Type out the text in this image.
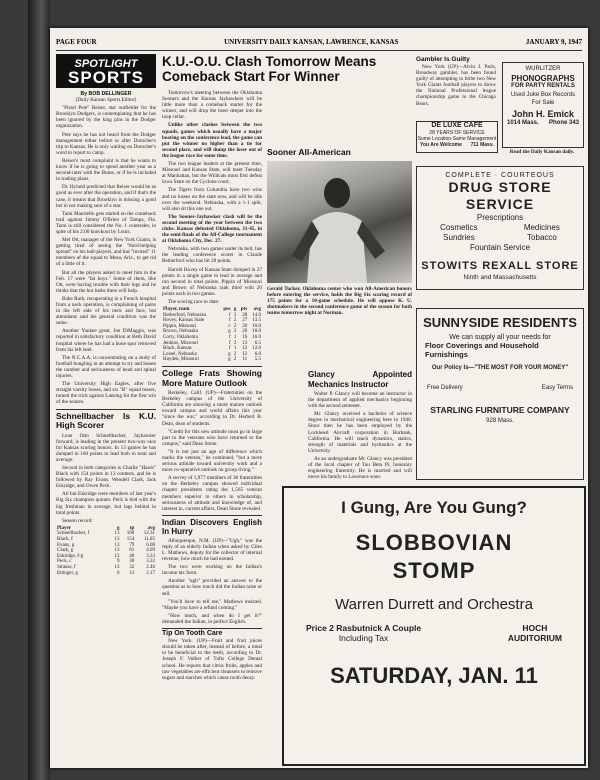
PAGE FOUR	UNIVERSITY DAILY KANSAN, LAWRENCE, KANSAS	JANUARY 9, 1947
SPOTLIGHT
SPORTS
By BOB DELLINGER
(Daily Kansan Sports Editor)

"Pistol Pete" Reiser, star outfielder for the Brooklyn Dodgers, is contemplating that he has been ignored by the king pins in the Dodger organization.

Pete says he has not heard from the Dodger management either before or after Durocher's trip to Kansas. He is only waiting on Durocher's word to report to camp.

Reiser's most complaint is that he wants to know if he is going to spend another year as a second-rater with the Bums, or if he is included in trading plans.

Dr. Hyland predicted that Reiser would be as good as ever after the operation, and if that's the case, it means that Brooklyn is missing a good bet in not making sure of a star.

Tami Mauriello gets started on the comeback trail against Jimmy O'Brien of Tampa, Fla. Tami is still considered the No. 1 contender, in spite of his 2:00 knockout by Louis.

Mel Ott, manager of the New York Giants, is getting tired of seeing the "third-helping spread" on his ball-players, and has "invited" 11 members of the squad to Mesa, Ariz., to get rid of a little of it.

But all the players asked to meet him in the Feb. 17 were "fat boys." Some of them, like Ott, were having trouble with their legs and he thinks that the hot baths there will help.

Babe Ruth, recuperating in a French hospital from a neck operation, is complaining of pains in the left side of his neck and face, but attendants said his general condition was the same.

Another Yankee great, Joe DiMaggio, was reported in satisfactory condition at Beth David hospital where he has had a bone spur removed from his left heel.

The N.C.A.A. is concentrating on a study of football bungling in an attempt to try and lessen the number and seriousness of head and spinal injuries.

The University High Eagles, after five straight varsity losses, and six "B" squad losses, turned the trick against Lansing for the first win of the season.

Schnellbacher Is K.U. High Scorer

Lean Otto Schnellbacher, Jayhawker forward, is leading in the present two-way race for Kansas scoring honors. In 13 games he has dumped in 160 points to lead both in total and average.

Second in both categories is Charlie "Hawk" Black with 154 points in 13 contests, and he is followed by Ray Evans, Wendell Clark, Jack Eskridge, and Owen Peck.

All but Eskridge were members of last year's Big Six champion quintet. Peck is tied with the big freshman in average, but lags behind in total points.

Season record:

Player	g	tp	avg
Schnellbacher, f	13	160	12.31
Black, f	13	154	11.85
Evans, g	13	79	6.08
Clark, g	13	61	4.69
Eskridge, f-g	12	40	3.33
Peck, c	9	30	3.33
Strauss, f	13	32	2.46
Ettinger, g	6	13	2.17
K.U.-O.U. Clash Tomorrow Means Comeback Start For Winner

Tomorrow's meeting between the Oklahoma Sooners and the Kansas Jayhawkers will be little more than a comeback starter for the winner, and will drop the loser deeper into the loop cellar.

Unlike other clashes between the two squads, games which usually have a major bearing on the conference lead, the game can put the winner no higher than a tie for second place, and will dump the loser out of the league race for some time.

The two league leaders at the present time, Missouri and Kansas State, will meet Tuesday at Manhattan, but the Wildcats must first defeat Iowa State on the Cyclone court.

The Tigers from Columbia have two wins and no losses on the slate now, and will be idle over the weekend. Nebraska, with a 1-1 split, will also sit this one out.

The Sooner-Jayhawker clash will be the second meeting of the year between the two clubs. Kansas defeated Oklahoma, 31-45, in the semi-finals of the All-College tournament at Oklahoma City, Dec. 27.

Nebraska, with two games under its belt, has the leading conference scorer in Claude Retherford who has hit 28 points.

Harold Hovey of Kansas State dumped in 27 points in a single game to lead in average and run second in total points. Pippin of Missouri and Brown of Nebraska rank third with 20 points each in two games.

The scoring race to date:

Player, team	pos	g	pts	avg
Retherford, Nebraska	f	2	28	14.0
Hovey, Kansas State	f	2	27	13.5
Pippin, Missouri	c	2	20	10.0
Brown, Nebraska	g	2	20	10.0
Corry, Oklahoma	f	1	16	16.0
Jenkins, Missouri	f	2	13	6.5
Black, Kansas	f	1	12	12.0
Loisel, Nebraska	g	2	12	6.0
Hayden, Missouri	g	2	11	5.5
College Frats Showing More Mature Outlook

Berkeley, Calif. (UP)—Fraternities on the Berkeley campus of the University of California are showing a more mature outlook toward campus and world affairs this year "since the war," according to Dr. Herbert B. Dean, dean of students.

"Credit for this new attitude must go in large part to the veterans who have returned to the campus," said Dean Stone.

"It is not just an age of difference which marks the veteran," he continued, "but a more serious attitude toward university work and a more co-operative outlook on group living."

A survey of 1,977 members of 38 fraternities on the Berkeley campus showed individual chapter presidents rating the 1,565 veteran members superior to others in scholarship, seriousness of attitude and knowledge of, and interest in, current affairs, Dean Stone revealed.

Indian Discovers English In Hurry

Albuquerque, N.M. (UP)—"Ugh," was the reply of an elderly Indian when asked by Giles L. Mathews, deputy for the collector of internal revenue, how much he had earned.

The two were working on the Indian's income tax form.

Another "ugh" provided an answer to the question as to how much did the Indian raise or sell.

"You'll have to tell me," Mathews insisted. "Maybe you have a refund coming."

"How much, and when do I get it?" demanded the Indian, in perfect English.

Tip On Tooth Care

New York. (UP)—Fruit and fruit juices should be taken after, instead of before, a meal to be beneficial to the teeth, according to Dr. Joseph F. Volker of Tufts College Dental school. He reports that citrus fruits, apples and raw vegetables are efficient cleansers to remove sugars and starches which cause tooth decay.

Sooner All-American

Gerald Tucker, Oklahoma center who won All-American honors before entering the service, holds the Big Six scoring record of 175 points for a 10-game schedule. He will oppose K. U. shotmakers in the second conference game of the season for both teams tomorrow night at Norman.

Glancy Appointed Mechanics Instructor

Walter P. Glancy will become an instructor in the department of applied mechanics beginning with the second semester.

Mr. Glancy received a bachelor of science degree in mechanical engineering here in 1940. Since then he has been employed by the Lockheed Aircraft corporation in Burbank, California. He will teach dynamics, statics, strength of materials and hydraulics at the University.

As an undergraduate Mr. Glancy was president of the local chapter of Tau Beta Pi, honorary engineering fraternity. He is married and will move his family to Lawrence soon.

Gambler Is Guilty

New York (UP)—Alvin J. Paris, Broadway gambler, has been found guilty of attempting to bribe two New York Giants football players to throw the National Professional league championship game to the Chicago Bears.

DE LUXE CAFE
28 YEARS OF SERVICE
Some Location-Same Management
You Are Welcome 711 Mass.
WURLITZER
PHONOGRAPHS
FOR PARTY RENTALS
Used Juke Box Records
For Sale
John H. Emick
1014 Mass. Phone 343
Read the Daily Kansan daily.
COMPLETE · COURTEOUS
DRUG STORE SERVICE
Prescriptions
Cosmetics	Medicines
Sundries	Tobacco
Fountain Service
STOWITS REXALL STORE
Ninth and Massachusetts
SUNNYSIDE RESIDENTS
We can supply all your needs for
Floor Coverings and Household
Furnishings
Our Policy Is—"THE MOST FOR YOUR MONEY"
Free Delivery	Easy Terms
STARLING FURNITURE COMPANY
928 Mass.
I Gung, Are You Gung?
SLOBBOVIAN
STOMP
Warren Durrett and Orchestra
Price 2 Rasbutnick A Couple
Including Tax
HOCH
AUDITORIUM
SATURDAY, JAN. 11
